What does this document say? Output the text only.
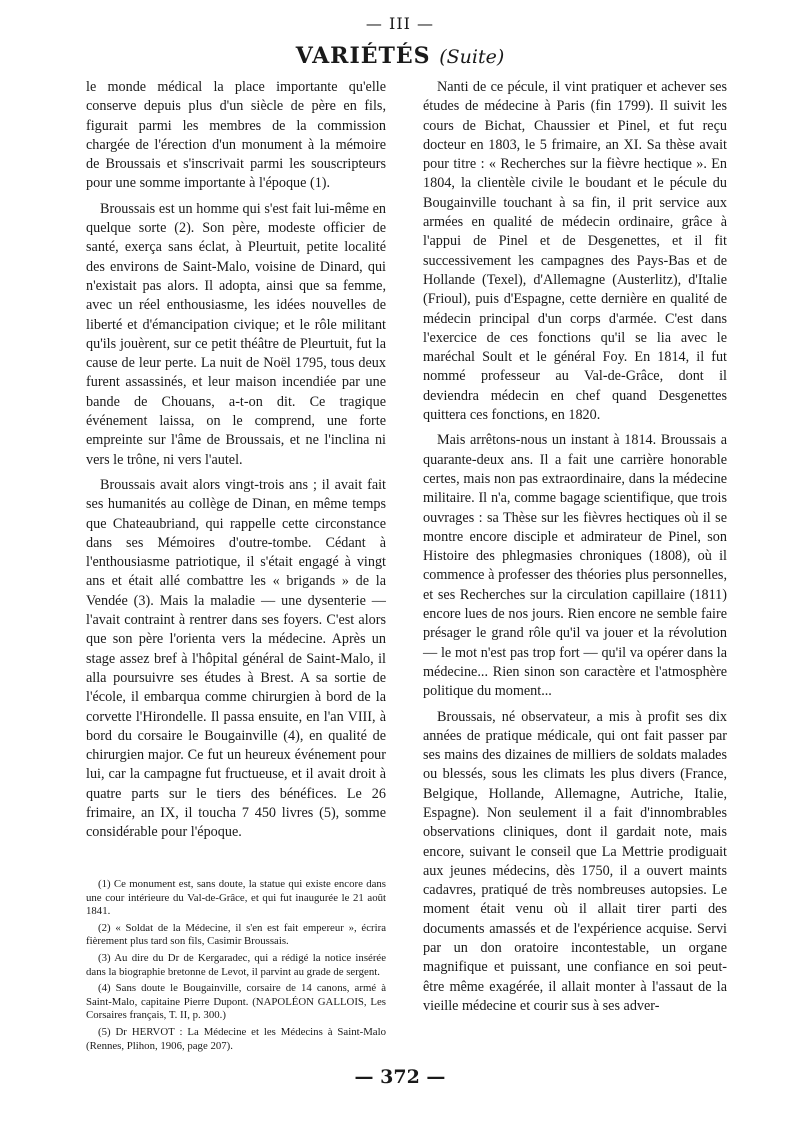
— III —
VARIÉTÉS (Suite)

le monde médical la place importante qu'elle conserve depuis plus d'un siècle de père en fils, figurait parmi les membres de la commission chargée de l'érection d'un monument à la mémoire de Broussais et s'inscrivait parmi les souscripteurs pour une somme importante à l'époque (1).

Broussais est un homme qui s'est fait lui-même en quelque sorte (2). Son père, modeste officier de santé, exerça sans éclat, à Pleurtuit, petite localité des environs de Saint-Malo, voisine de Dinard, qui n'existait pas alors. Il adopta, ainsi que sa femme, avec un réel enthousiasme, les idées nouvelles de liberté et d'émancipation civique; et le rôle militant qu'ils jouèrent, sur ce petit théâtre de Pleurtuit, fut la cause de leur perte. La nuit de Noël 1795, tous deux furent assassinés, et leur maison incendiée par une bande de Chouans, a-t-on dit. Ce tragique événement laissa, on le comprend, une forte empreinte sur l'âme de Broussais, et ne l'inclina ni vers le trône, ni vers l'autel.

Broussais avait alors vingt-trois ans ; il avait fait ses humanités au collège de Dinan, en même temps que Chateaubriand, qui rappelle cette circonstance dans ses Mémoires d'outre-tombe. Cédant à l'enthousiasme patriotique, il s'était engagé à vingt ans et était allé combattre les « brigands » de la Vendée (3). Mais la maladie — une dysenterie — l'avait contraint à rentrer dans ses foyers. C'est alors que son père l'orienta vers la médecine. Après un stage assez bref à l'hôpital général de Saint-Malo, il alla poursuivre ses études à Brest. A sa sortie de l'école, il embarqua comme chirurgien à bord de la corvette l'Hirondelle. Il passa ensuite, en l'an VIII, à bord du corsaire le Bougainville (4), en qualité de chirurgien major. Ce fut un heureux événement pour lui, car la campagne fut fructueuse, et il avait droit à quatre parts sur le tiers des bénéfices. Le 26 frimaire, an IX, il toucha 7 450 livres (5), somme considérable pour l'époque.

(1) Ce monument est, sans doute, la statue qui existe encore dans une cour intérieure du Val-de-Grâce, et qui fut inaugurée le 21 août 1841.

(2) « Soldat de la Médecine, il s'en est fait empereur », écrira fièrement plus tard son fils, Casimir Broussais.

(3) Au dire du Dr de Kergaradec, qui a rédigé la notice insérée dans la biographie bretonne de Levot, il parvint au grade de sergent.

(4) Sans doute le Bougainville, corsaire de 14 canons, armé à Saint-Malo, capitaine Pierre Dupont. (NAPOLÉON GALLOIS, Les Corsaires français, T. II, p. 300.)

(5) Dr HERVOT : La Médecine et les Médecins à Saint-Malo (Rennes, Plihon, 1906, page 207).

Nanti de ce pécule, il vint pratiquer et achever ses études de médecine à Paris (fin 1799). Il suivit les cours de Bichat, Chaussier et Pinel, et fut reçu docteur en 1803, le 5 frimaire, an XI. Sa thèse avait pour titre : « Recherches sur la fièvre hectique ». En 1804, la clientèle civile le boudant et le pécule du Bougainville touchant à sa fin, il prit service aux armées en qualité de médecin ordinaire, grâce à l'appui de Pinel et de Desgenettes, et il fit successivement les campagnes des Pays-Bas et de Hollande (Texel), d'Allemagne (Austerlitz), d'Italie (Frioul), puis d'Espagne, cette dernière en qualité de médecin principal d'un corps d'armée. C'est dans l'exercice de ces fonctions qu'il se lia avec le maréchal Soult et le général Foy. En 1814, il fut nommé professeur au Val-de-Grâce, dont il deviendra médecin en chef quand Desgenettes quittera ces fonctions, en 1820.

Mais arrêtons-nous un instant à 1814. Broussais a quarante-deux ans. Il a fait une carrière honorable certes, mais non pas extraordinaire, dans la médecine militaire. Il n'a, comme bagage scientifique, que trois ouvrages : sa Thèse sur les fièvres hectiques où il se montre encore disciple et admirateur de Pinel, son Histoire des phlegmasies chroniques (1808), où il commence à professer des théories plus personnelles, et ses Recherches sur la circulation capillaire (1811) encore lues de nos jours. Rien encore ne semble faire présager le grand rôle qu'il va jouer et la révolution — le mot n'est pas trop fort — qu'il va opérer dans la médecine... Rien sinon son caractère et l'atmosphère politique du moment...

Broussais, né observateur, a mis à profit ses dix années de pratique médicale, qui ont fait passer par ses mains des dizaines de milliers de soldats malades ou blessés, sous les climats les plus divers (France, Belgique, Hollande, Allemagne, Autriche, Italie, Espagne). Non seulement il a fait d'innombrables observations cliniques, dont il gardait note, mais encore, suivant le conseil que La Mettrie prodiguait aux jeunes médecins, dès 1750, il a ouvert maints cadavres, pratiqué de très nombreuses autopsies. Le moment était venu où il allait tirer parti des documents amassés et de l'expérience acquise. Servi par un don oratoire incontestable, un organe magnifique et puissant, une confiance en soi peut-être même exagérée, il allait monter à l'assaut de la vieille médecine et courir sus à ses adver-

— 372 —
